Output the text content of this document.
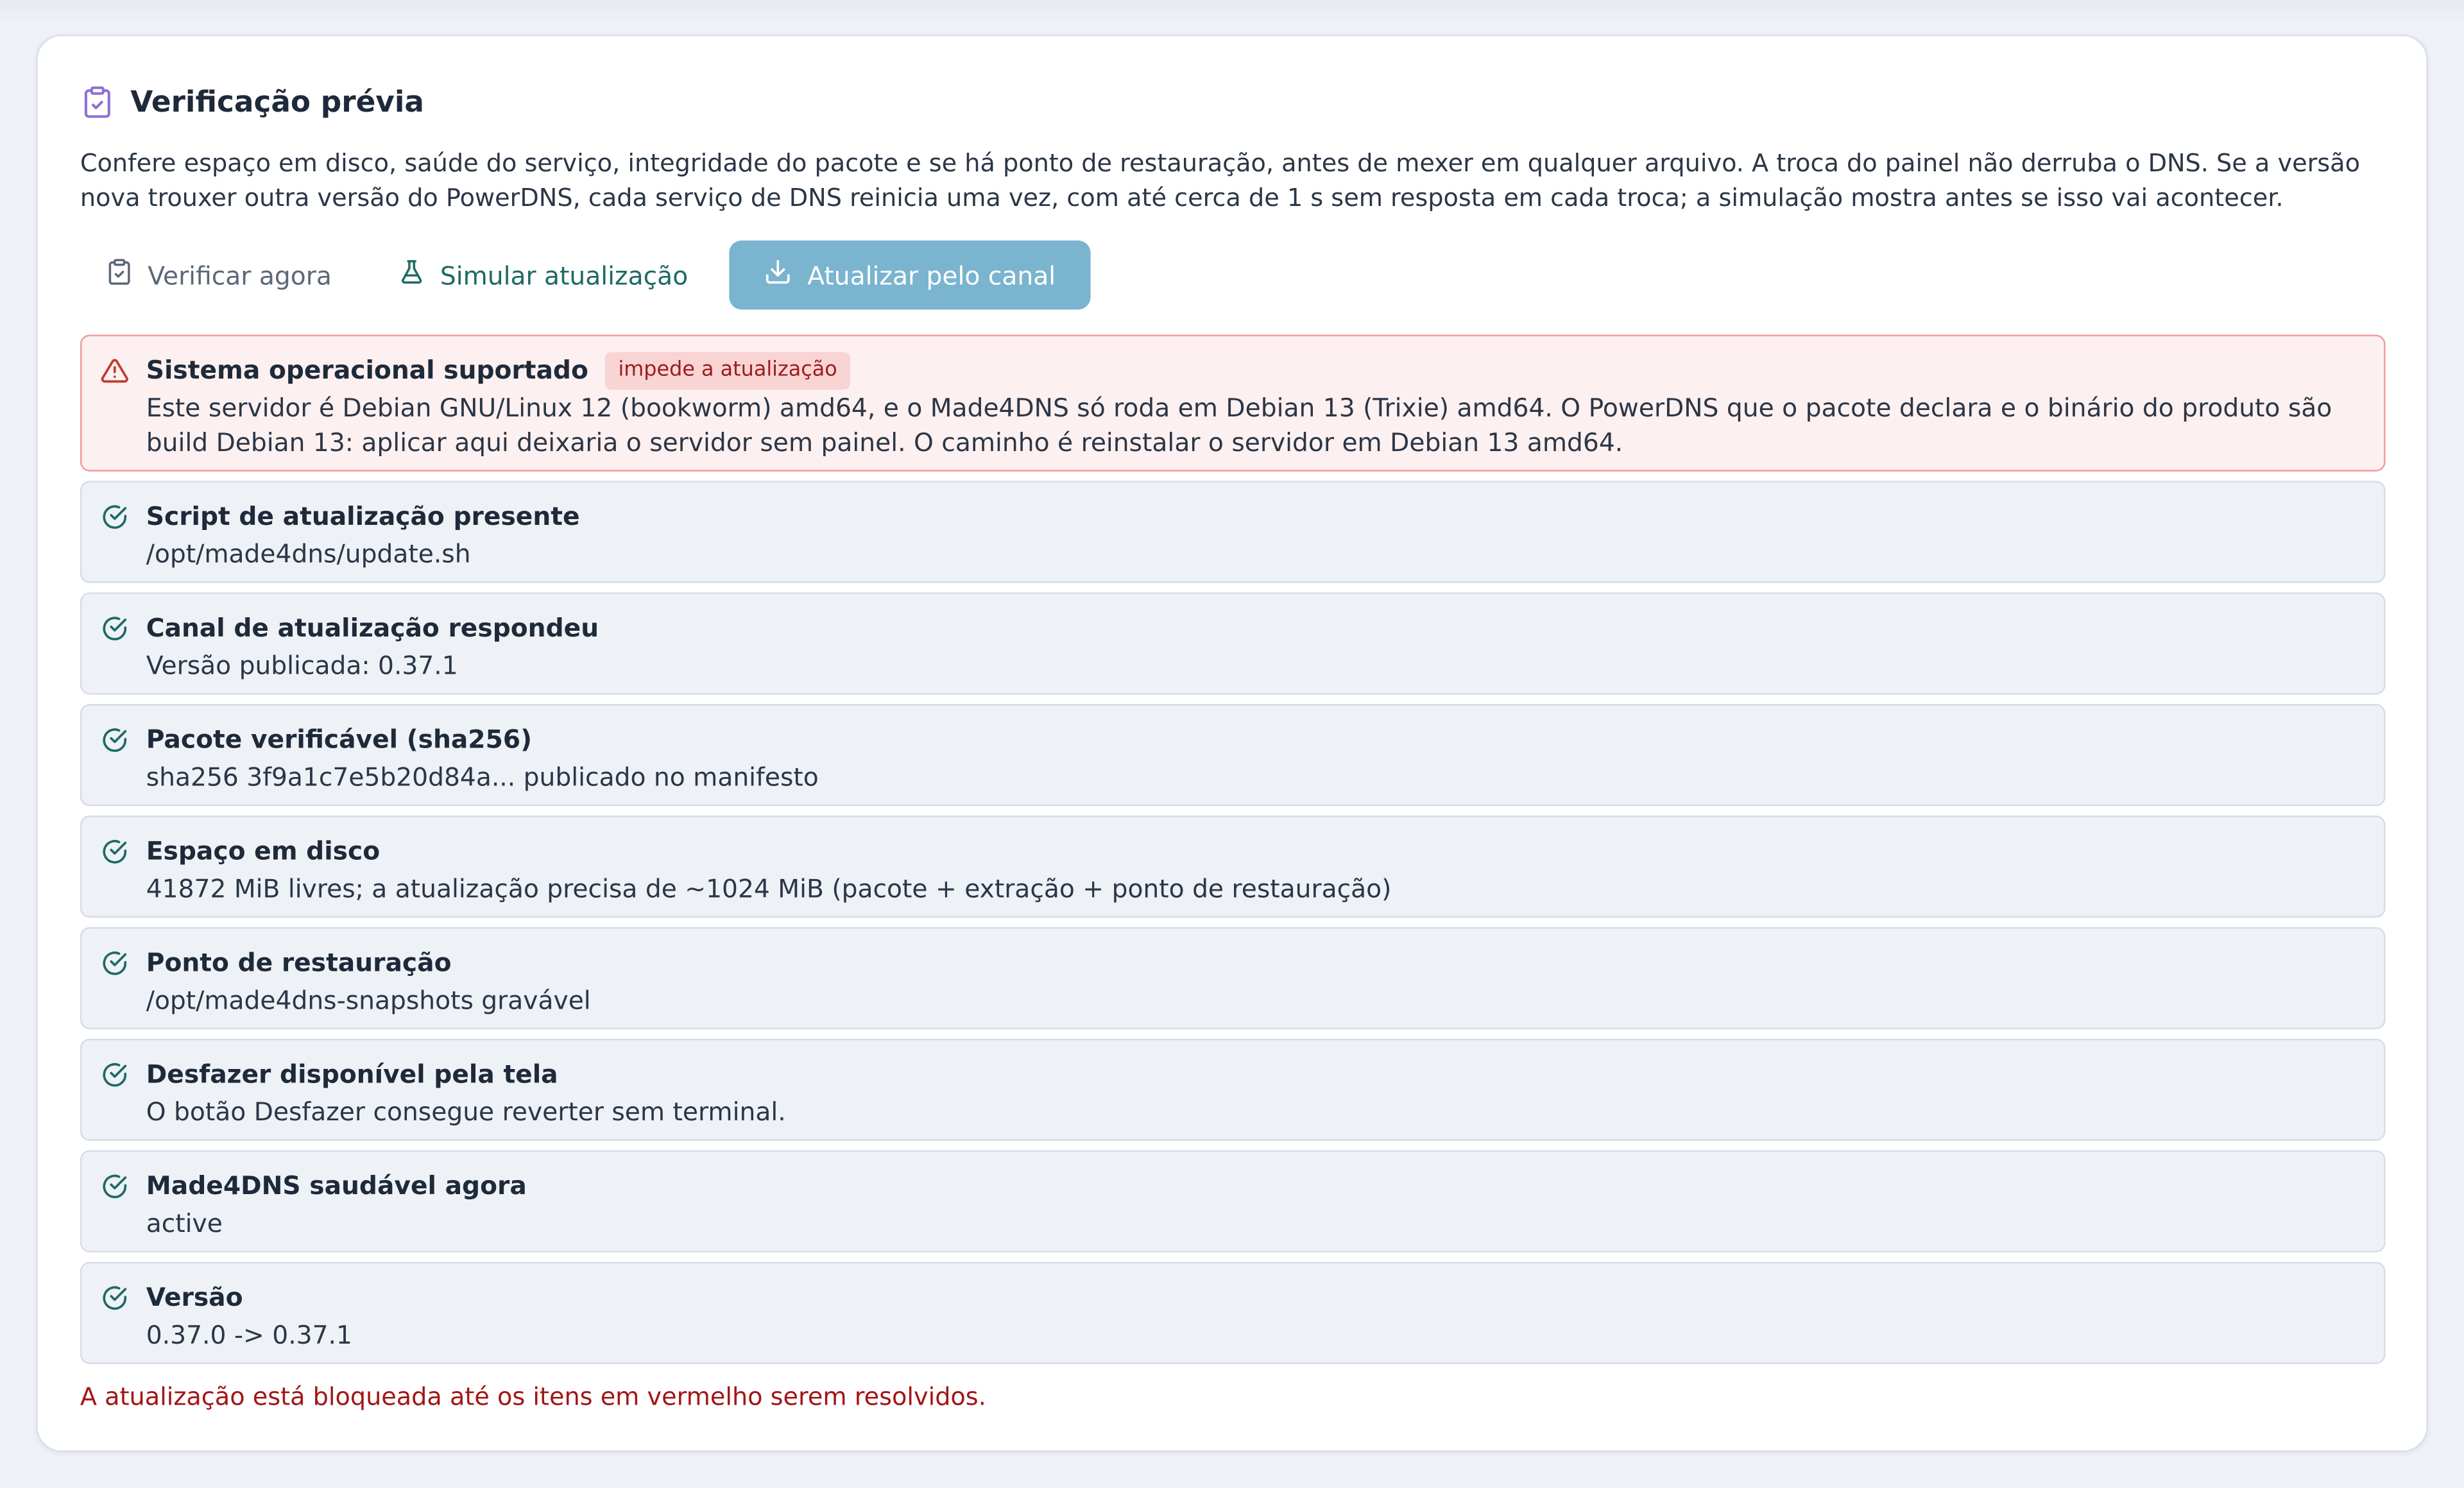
Verificação prévia
Confere espaço em disco, saúde do serviço, integridade do pacote e se há ponto de restauração, antes de mexer em qualquer arquivo. A troca do painel não derruba o DNS. Se a versão nova trouxer outra versão do PowerDNS, cada serviço de DNS reinicia uma vez, com até cerca de 1 s sem resposta em cada troca; a simulação mostra antes se isso vai acontecer.
Verificar agora	Simular atualização	Atualizar pelo canal
Sistema operacional suportado	impede a atualização
Este servidor é Debian GNU/Linux 12 (bookworm) amd64, e o Made4DNS só roda em Debian 13 (Trixie) amd64. O PowerDNS que o pacote declara e o binário do produto são build Debian 13: aplicar aqui deixaria o servidor sem painel. O caminho é reinstalar o servidor em Debian 13 amd64.
Script de atualização presente
/opt/made4dns/update.sh
Canal de atualização respondeu
Versão publicada: 0.37.1
Pacote verificável (sha256)
sha256 3f9a1c7e5b20d84a... publicado no manifesto
Espaço em disco
41872 MiB livres; a atualização precisa de ~1024 MiB (pacote + extração + ponto de restauração)
Ponto de restauração
/opt/made4dns-snapshots gravável
Desfazer disponível pela tela
O botão Desfazer consegue reverter sem terminal.
Made4DNS saudável agora
active
Versão
0.37.0 -> 0.37.1
A atualização está bloqueada até os itens em vermelho serem resolvidos.
